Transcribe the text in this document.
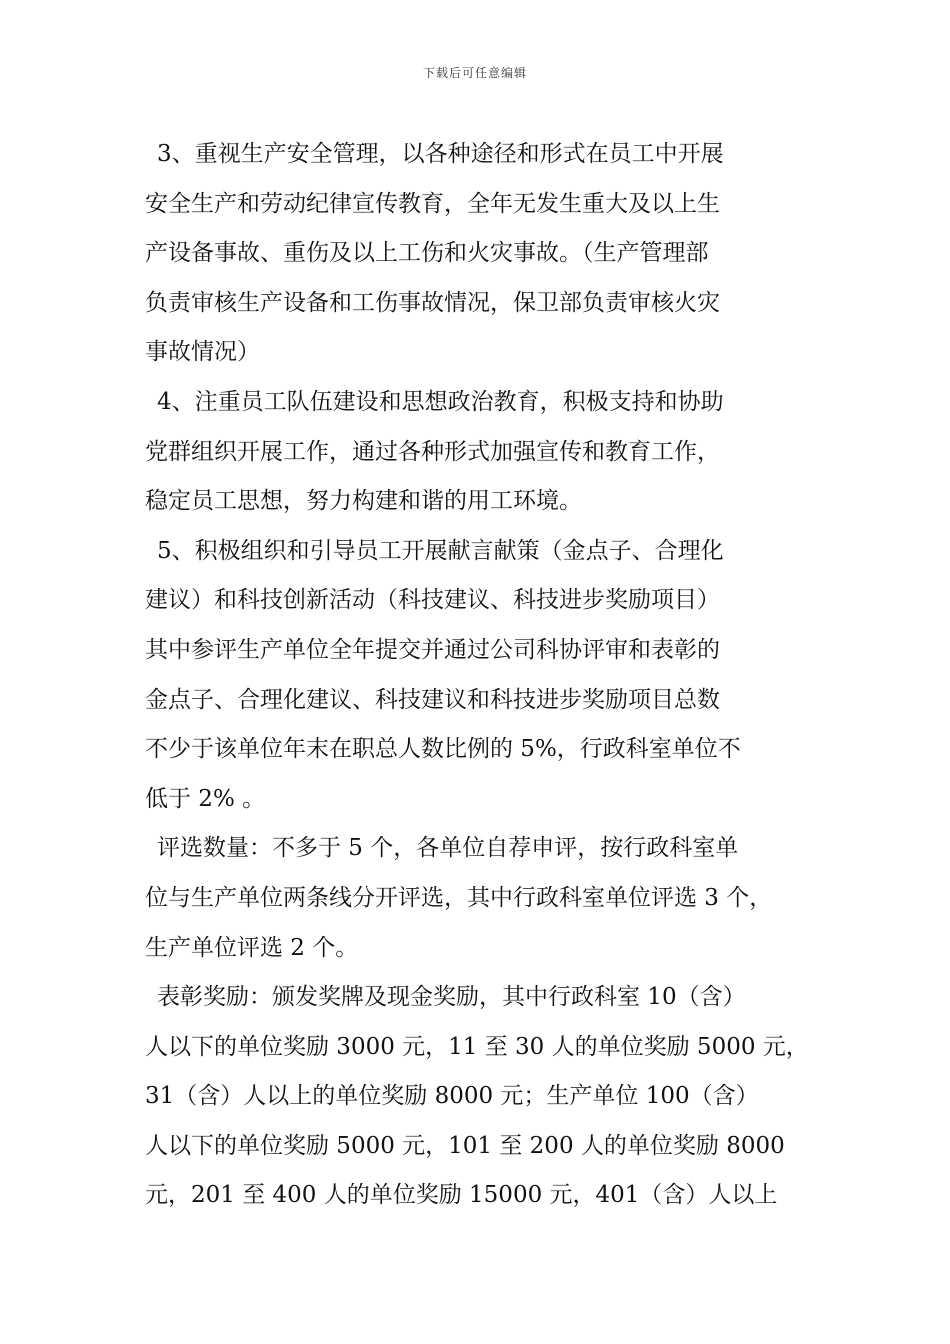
下载后可任意编辑
3、重视生产安全管理，以各种途径和形式在员工中开展
安全生产和劳动纪律宣传教育，全年无发生重大及以上生
产设备事故、重伤及以上工伤和火灾事故。（生产管理部
负责审核生产设备和工伤事故情况，保卫部负责审核火灾
事故情况）
4、注重员工队伍建设和思想政治教育，积极支持和协助
党群组织开展工作，通过各种形式加强宣传和教育工作，
稳定员工思想，努力构建和谐的用工环境。
5、积极组织和引导员工开展献言献策（金点子、合理化
建议）和科技创新活动（科技建议、科技进步奖励项目）
其中参评生产单位全年提交并通过公司科协评审和表彰的
金点子、合理化建议、科技建议和科技进步奖励项目总数
不少于该单位年末在职总人数比例的 5%，行政科室单位不
低于 2% 。
评选数量：不多于 5 个，各单位自荐申评，按行政科室单
位与生产单位两条线分开评选，其中行政科室单位评选 3 个，
生产单位评选 2 个。
表彰奖励：颁发奖牌及现金奖励，其中行政科室 10（含）
人以下的单位奖励 3000 元，11 至 30 人的单位奖励 5000 元，
31（含）人以上的单位奖励 8000 元；生产单位 100（含）
人以下的单位奖励 5000 元，101 至 200 人的单位奖励 8000
元，201 至 400 人的单位奖励 15000 元，401（含）人以上
